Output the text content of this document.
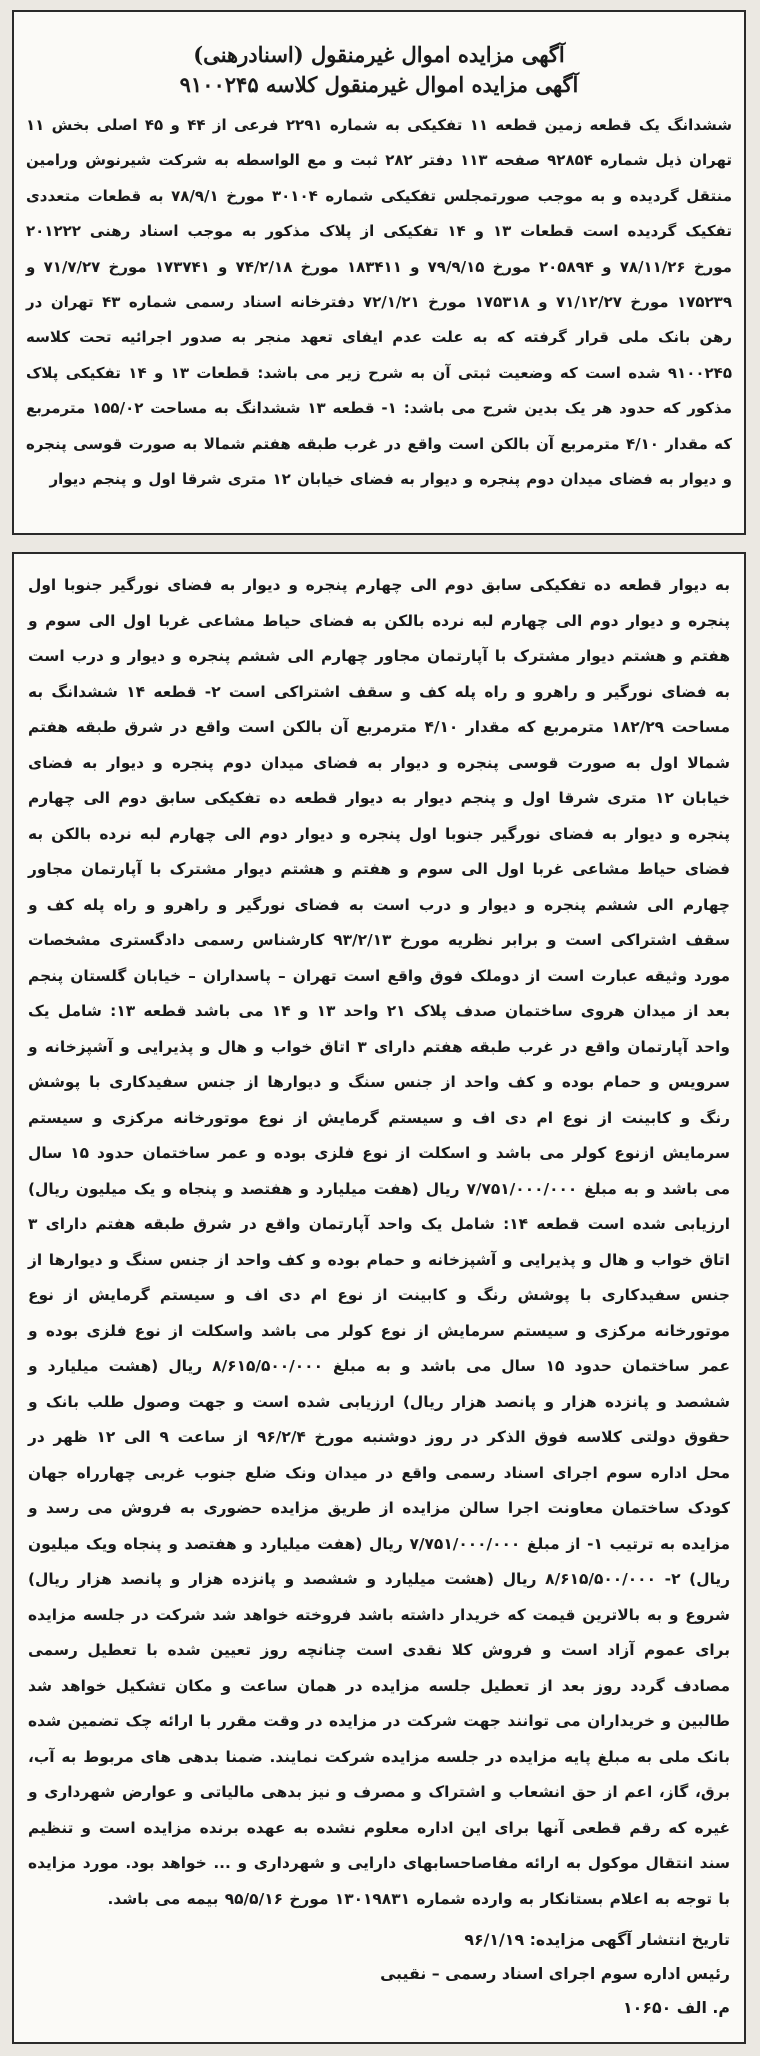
آگهی مزایده اموال غیرمنقول (اسنادرهنی)
آگهی مزایده اموال غیرمنقول کلاسه ۹۱۰۰۲۴۵

ششدانگ یک قطعه زمین قطعه ۱۱ تفکیکی به شماره ۲۲۹۱ فرعی از ۴۴ و ۴۵ اصلی بخش ۱۱ تهران ذیل شماره ۹۲۸۵۴ صفحه ۱۱۳ دفتر ۲۸۲ ثبت و مع الواسطه به شرکت شیرنوش ورامین منتقل گردیده و به موجب صورتمجلس تفکیکی شماره ۳۰۱۰۴ مورخ ۷۸/۹/۱ به قطعات متعددی تفکیک گردیده است قطعات ۱۳ و ۱۴ تفکیکی از پلاک مذکور به موجب اسناد رهنی ۲۰۱۲۲۲ مورخ ۷۸/۱۱/۲۶ و ۲۰۵۸۹۴ مورخ ۷۹/۹/۱۵ و ۱۸۳۴۱۱ مورخ ۷۴/۲/۱۸ و ۱۷۳۷۴۱ مورخ ۷۱/۷/۲۷ و ۱۷۵۲۳۹ مورخ ۷۱/۱۲/۲۷ و ۱۷۵۳۱۸ مورخ ۷۲/۱/۲۱ دفترخانه اسناد رسمی شماره ۴۳ تهران در رهن بانک ملی قرار گرفته که به علت عدم ایفای تعهد منجر به صدور اجرائیه تحت کلاسه ۹۱۰۰۲۴۵ شده است که وضعیت ثبتی آن به شرح زیر می باشد: قطعات ۱۳ و ۱۴ تفکیکی پلاک مذکور که حدود هر یک بدین شرح می باشد: ۱- قطعه ۱۳ ششدانگ به مساحت ۱۵۵/۰۲ مترمربع که مقدار ۴/۱۰ مترمربع آن بالکن است واقع در غرب طبقه هفتم شمالا به صورت قوسی پنجره و دیوار به فضای میدان دوم پنجره و دیوار به فضای خیابان ۱۲ متری شرقا اول و پنجم دیوار

به دیوار قطعه ده تفکیکی سابق دوم الی چهارم پنجره و دیوار به فضای نورگیر جنوبا اول پنجره و دیوار دوم الی چهارم لبه نرده بالکن به فضای حیاط مشاعی غربا اول الی سوم و هفتم و هشتم دیوار مشترک با آپارتمان مجاور چهارم الی ششم پنجره و دیوار و درب است به فضای نورگیر و راهرو و راه پله کف و سقف اشتراکی است ۲- قطعه ۱۴ ششدانگ به مساحت ۱۸۲/۲۹ مترمربع که مقدار ۴/۱۰ مترمربع آن بالکن است واقع در شرق طبقه هفتم شمالا اول به صورت قوسی پنجره و دیوار به فضای میدان دوم پنجره و دیوار به فضای خیابان ۱۲ متری شرقا اول و پنجم دیوار به دیوار قطعه ده تفکیکی سابق دوم الی چهارم پنجره و دیوار به فضای نورگیر جنوبا اول پنجره و دیوار دوم الی چهارم لبه نرده بالکن به فضای حیاط مشاعی غربا اول الی سوم و هفتم و هشتم دیوار مشترک با آپارتمان مجاور چهارم الی ششم پنجره و دیوار و درب است به فضای نورگیر و راهرو و راه پله کف و سقف اشتراکی است و برابر نظریه مورخ ۹۳/۲/۱۳ کارشناس رسمی دادگستری مشخصات مورد وثیقه عبارت است از دوملک فوق واقع است تهران – پاسداران – خیابان گلستان پنجم بعد از میدان هروی ساختمان صدف پلاک ۲۱ واحد ۱۳ و ۱۴ می باشد قطعه ۱۳: شامل یک واحد آپارتمان واقع در غرب طبقه هفتم دارای ۳ اتاق خواب و هال و پذیرایی و آشپزخانه و سرویس و حمام بوده و کف واحد از جنس سنگ و دیوارها از جنس سفیدکاری با پوشش رنگ و کابینت از نوع ام دی اف و سیستم گرمایش از نوع موتورخانه مرکزی و سیستم سرمایش ازنوع کولر می باشد و اسکلت از نوع فلزی بوده و عمر ساختمان حدود ۱۵ سال می باشد و به مبلغ ۷/۷۵۱/۰۰۰/۰۰۰ ریال (هفت میلیارد و هفتصد و پنجاه و یک میلیون ریال) ارزیابی شده است قطعه ۱۴: شامل یک واحد آپارتمان واقع در شرق طبقه هفتم دارای ۳ اتاق خواب و هال و پذیرایی و آشپزخانه و حمام بوده و کف واحد از جنس سنگ و دیوارها از جنس سفیدکاری با پوشش رنگ و کابینت از نوع ام دی اف و سیستم گرمایش از نوع موتورخانه مرکزی و سیستم سرمایش از نوع کولر می باشد واسکلت از نوع فلزی بوده و عمر ساختمان حدود ۱۵ سال می باشد و به مبلغ ۸/۶۱۵/۵۰۰/۰۰۰ ریال (هشت میلیارد و ششصد و پانزده هزار و پانصد هزار ریال) ارزیابی شده است و جهت وصول طلب بانک و حقوق دولتی کلاسه فوق الذکر در روز دوشنبه مورخ ۹۶/۲/۴ از ساعت ۹ الی ۱۲ ظهر در محل اداره سوم اجرای اسناد رسمی واقع در میدان ونک ضلع جنوب غربی چهارراه جهان کودک ساختمان معاونت اجرا سالن مزایده از طریق مزایده حضوری به فروش می رسد و مزایده به ترتیب ۱- از مبلغ ۷/۷۵۱/۰۰۰/۰۰۰ ریال (هفت میلیارد و هفتصد و پنجاه ویک میلیون ریال) ۲- ۸/۶۱۵/۵۰۰/۰۰۰ ریال (هشت میلیارد و ششصد و پانزده هزار و پانصد هزار ریال) شروع و به بالاترین قیمت که خریدار داشته باشد فروخته خواهد شد شرکت در جلسه مزایده برای عموم آزاد است و فروش کلا نقدی است چنانچه روز تعیین شده با تعطیل رسمی مصادف گردد روز بعد از تعطیل جلسه مزایده در همان ساعت و مکان تشکیل خواهد شد طالبین و خریداران می توانند جهت شرکت در مزایده در وقت مقرر با ارائه چک تضمین شده بانک ملی به مبلغ پایه مزایده در جلسه مزایده شرکت نمایند. ضمنا بدهی های مربوط به آب، برق، گاز، اعم از حق انشعاب و اشتراک و مصرف و نیز بدهی مالیاتی و عوارض شهرداری و غیره که رقم قطعی آنها برای این اداره معلوم نشده به عهده برنده مزایده است و تنظیم سند انتقال موکول به ارائه مفاصاحسابهای دارایی و شهرداری و ... خواهد بود. مورد مزایده با توجه به اعلام بستانکار به وارده شماره ۱۳۰۱۹۸۳۱ مورخ ۹۵/۵/۱۶ بیمه می باشد.

تاریخ انتشار آگهی مزایده: ۹۶/۱/۱۹
رئیس اداره سوم اجرای اسناد رسمی – نقیبی
م. الف ۱۰۶۵۰
